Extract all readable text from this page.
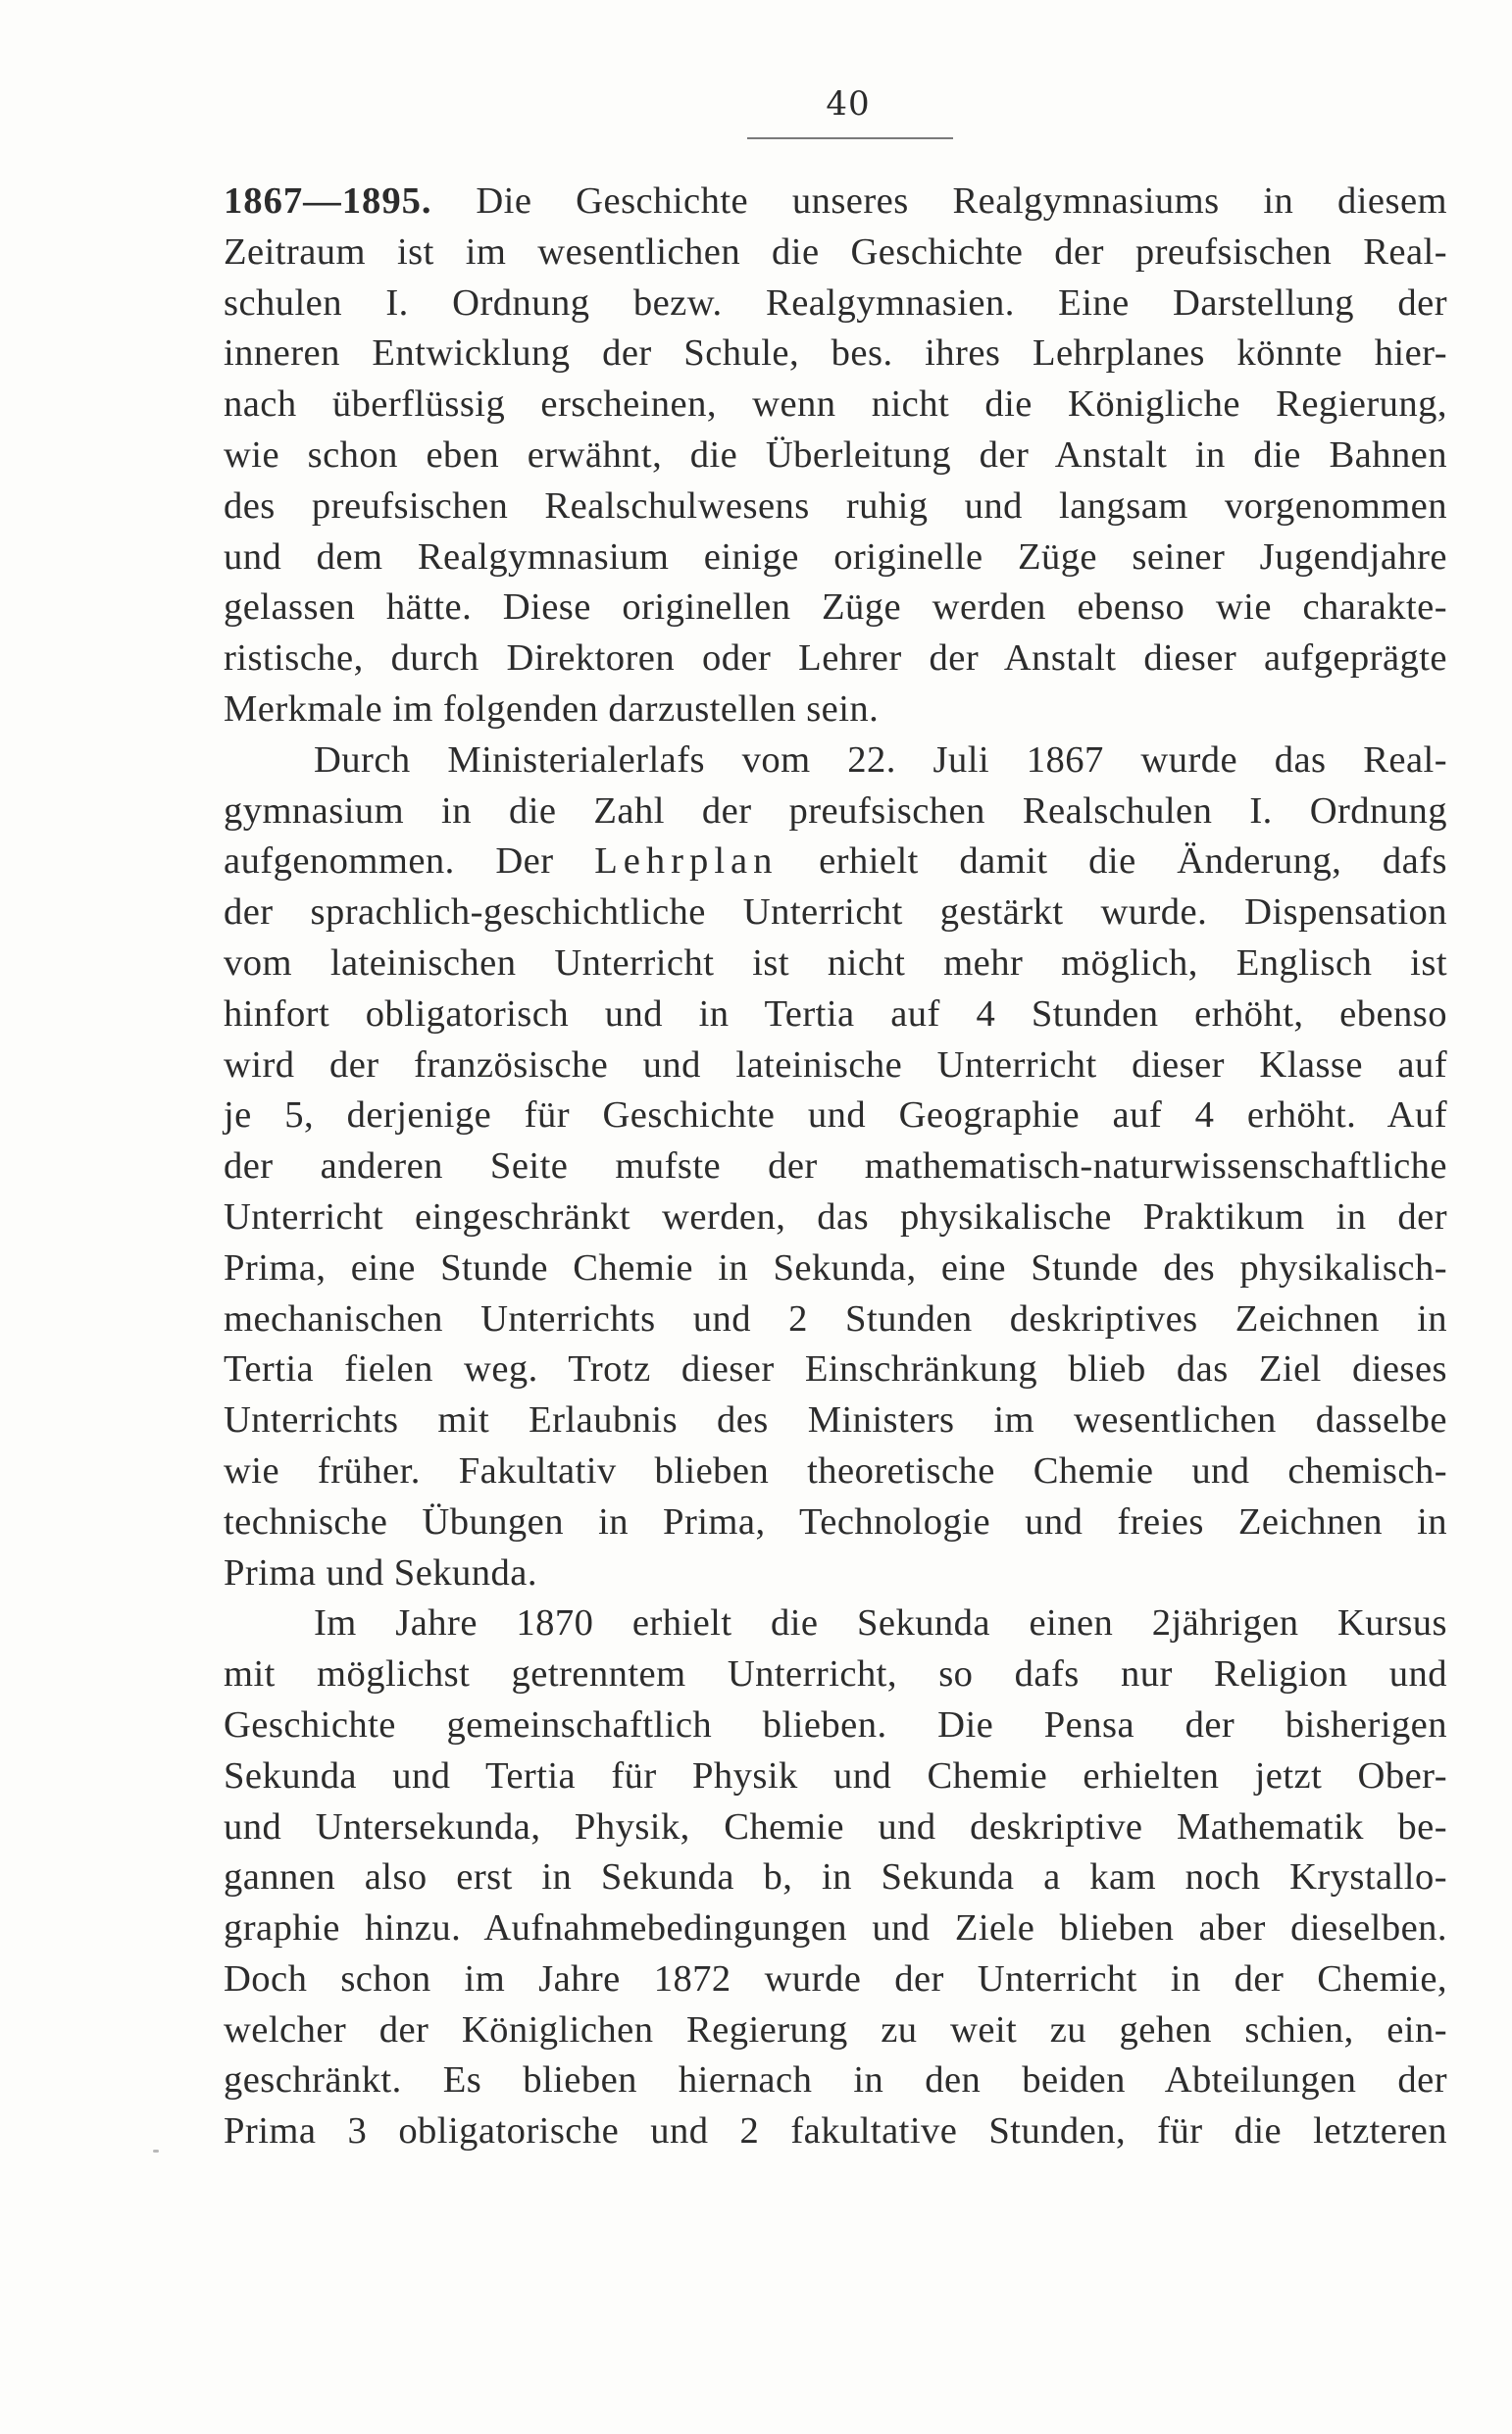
40
1867—1895. Die Geschichte unseres Realgymnasiums in diesem
Zeitraum ist im wesentlichen die Geschichte der preufsischen Real-
schulen I. Ordnung bezw. Realgymnasien. Eine Darstellung der
inneren Entwicklung der Schule, bes. ihres Lehrplanes könnte hier-
nach überflüssig erscheinen, wenn nicht die Königliche Regierung,
wie schon eben erwähnt, die Überleitung der Anstalt in die Bahnen
des preufsischen Realschulwesens ruhig und langsam vorgenommen
und dem Realgymnasium einige originelle Züge seiner Jugendjahre
gelassen hätte. Diese originellen Züge werden ebenso wie charakte-
ristische, durch Direktoren oder Lehrer der Anstalt dieser aufgeprägte
Merkmale im folgenden darzustellen sein.
Durch Ministerialerlafs vom 22. Juli 1867 wurde das Real-
gymnasium in die Zahl der preufsischen Realschulen I. Ordnung
aufgenommen. Der Lehrplan erhielt damit die Änderung, dafs
der sprachlich-geschichtliche Unterricht gestärkt wurde. Dispensation
vom lateinischen Unterricht ist nicht mehr möglich, Englisch ist
hinfort obligatorisch und in Tertia auf 4 Stunden erhöht, ebenso
wird der französische und lateinische Unterricht dieser Klasse auf
je 5, derjenige für Geschichte und Geographie auf 4 erhöht. Auf
der anderen Seite mufste der mathematisch-naturwissenschaftliche
Unterricht eingeschränkt werden, das physikalische Praktikum in der
Prima, eine Stunde Chemie in Sekunda, eine Stunde des physikalisch-
mechanischen Unterrichts und 2 Stunden deskriptives Zeichnen in
Tertia fielen weg. Trotz dieser Einschränkung blieb das Ziel dieses
Unterrichts mit Erlaubnis des Ministers im wesentlichen dasselbe
wie früher. Fakultativ blieben theoretische Chemie und chemisch-
technische Übungen in Prima, Technologie und freies Zeichnen in
Prima und Sekunda.
Im Jahre 1870 erhielt die Sekunda einen 2jährigen Kursus
mit möglichst getrenntem Unterricht, so dafs nur Religion und
Geschichte gemeinschaftlich blieben. Die Pensa der bisherigen
Sekunda und Tertia für Physik und Chemie erhielten jetzt Ober-
und Untersekunda, Physik, Chemie und deskriptive Mathematik be-
gannen also erst in Sekunda b, in Sekunda a kam noch Krystallo-
graphie hinzu. Aufnahmebedingungen und Ziele blieben aber dieselben.
Doch schon im Jahre 1872 wurde der Unterricht in der Chemie,
welcher der Königlichen Regierung zu weit zu gehen schien, ein-
geschränkt. Es blieben hiernach in den beiden Abteilungen der
Prima 3 obligatorische und 2 fakultative Stunden, für die letzteren
